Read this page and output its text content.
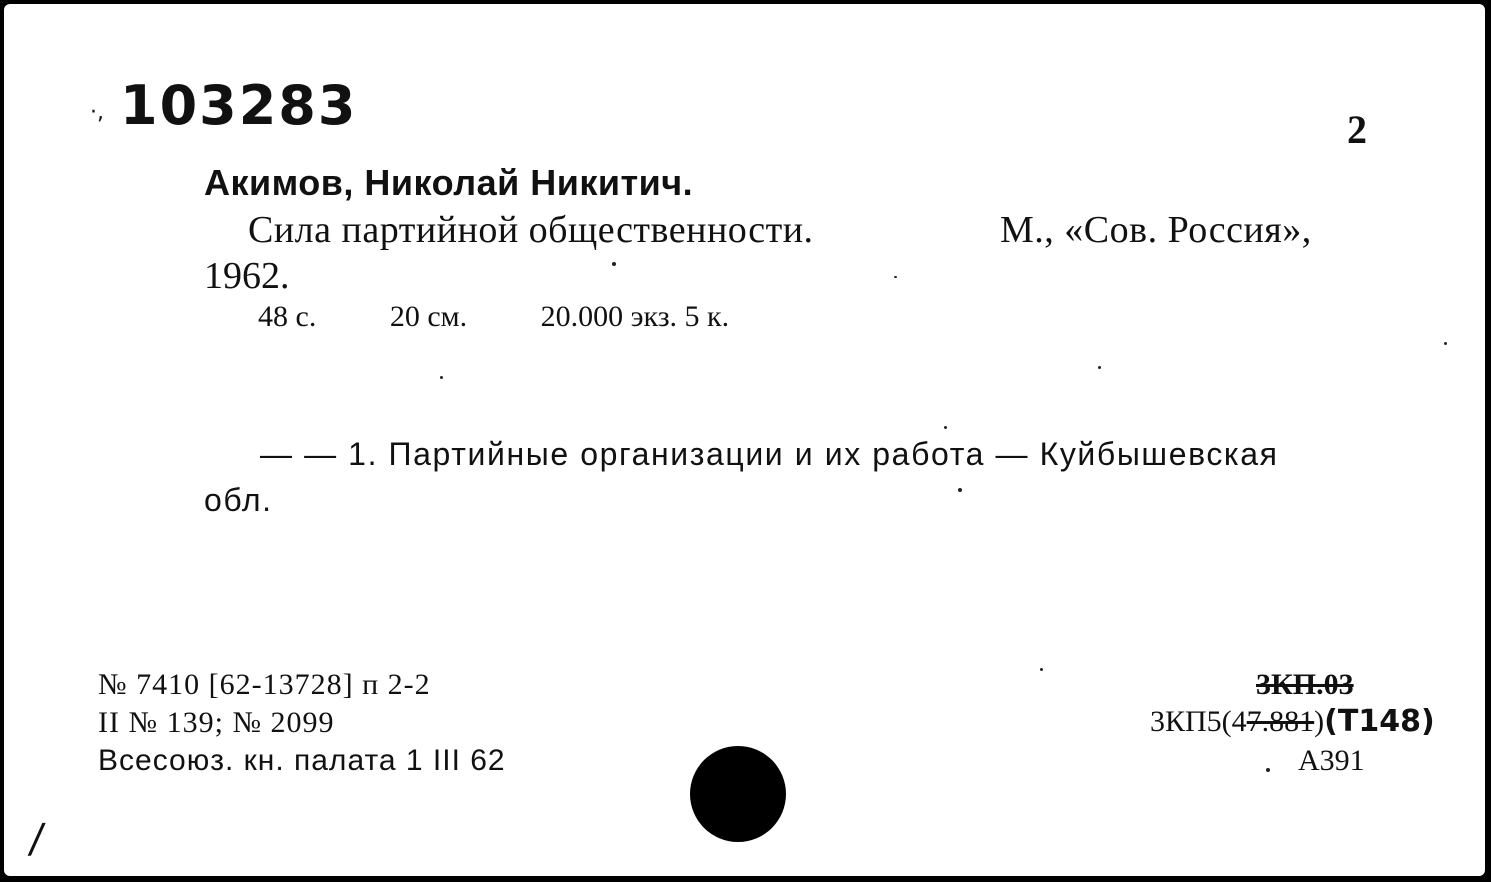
·, 103283	2
Акимов, Николай Никитич.
Сила партийной общественности.	М., «Сов. Россия»,
1962.
48 с. 20 см. 20.000 экз. 5 к.
— — 1. Партийные организации и их работа — Куйбышевская
обл.
№ 7410 [62-13728] п 2-2
II № 139; № 2099
Всесоюз. кн. палата 1 III 62
3КП.03
3КП5(47.881)(Т148)
А391
/
